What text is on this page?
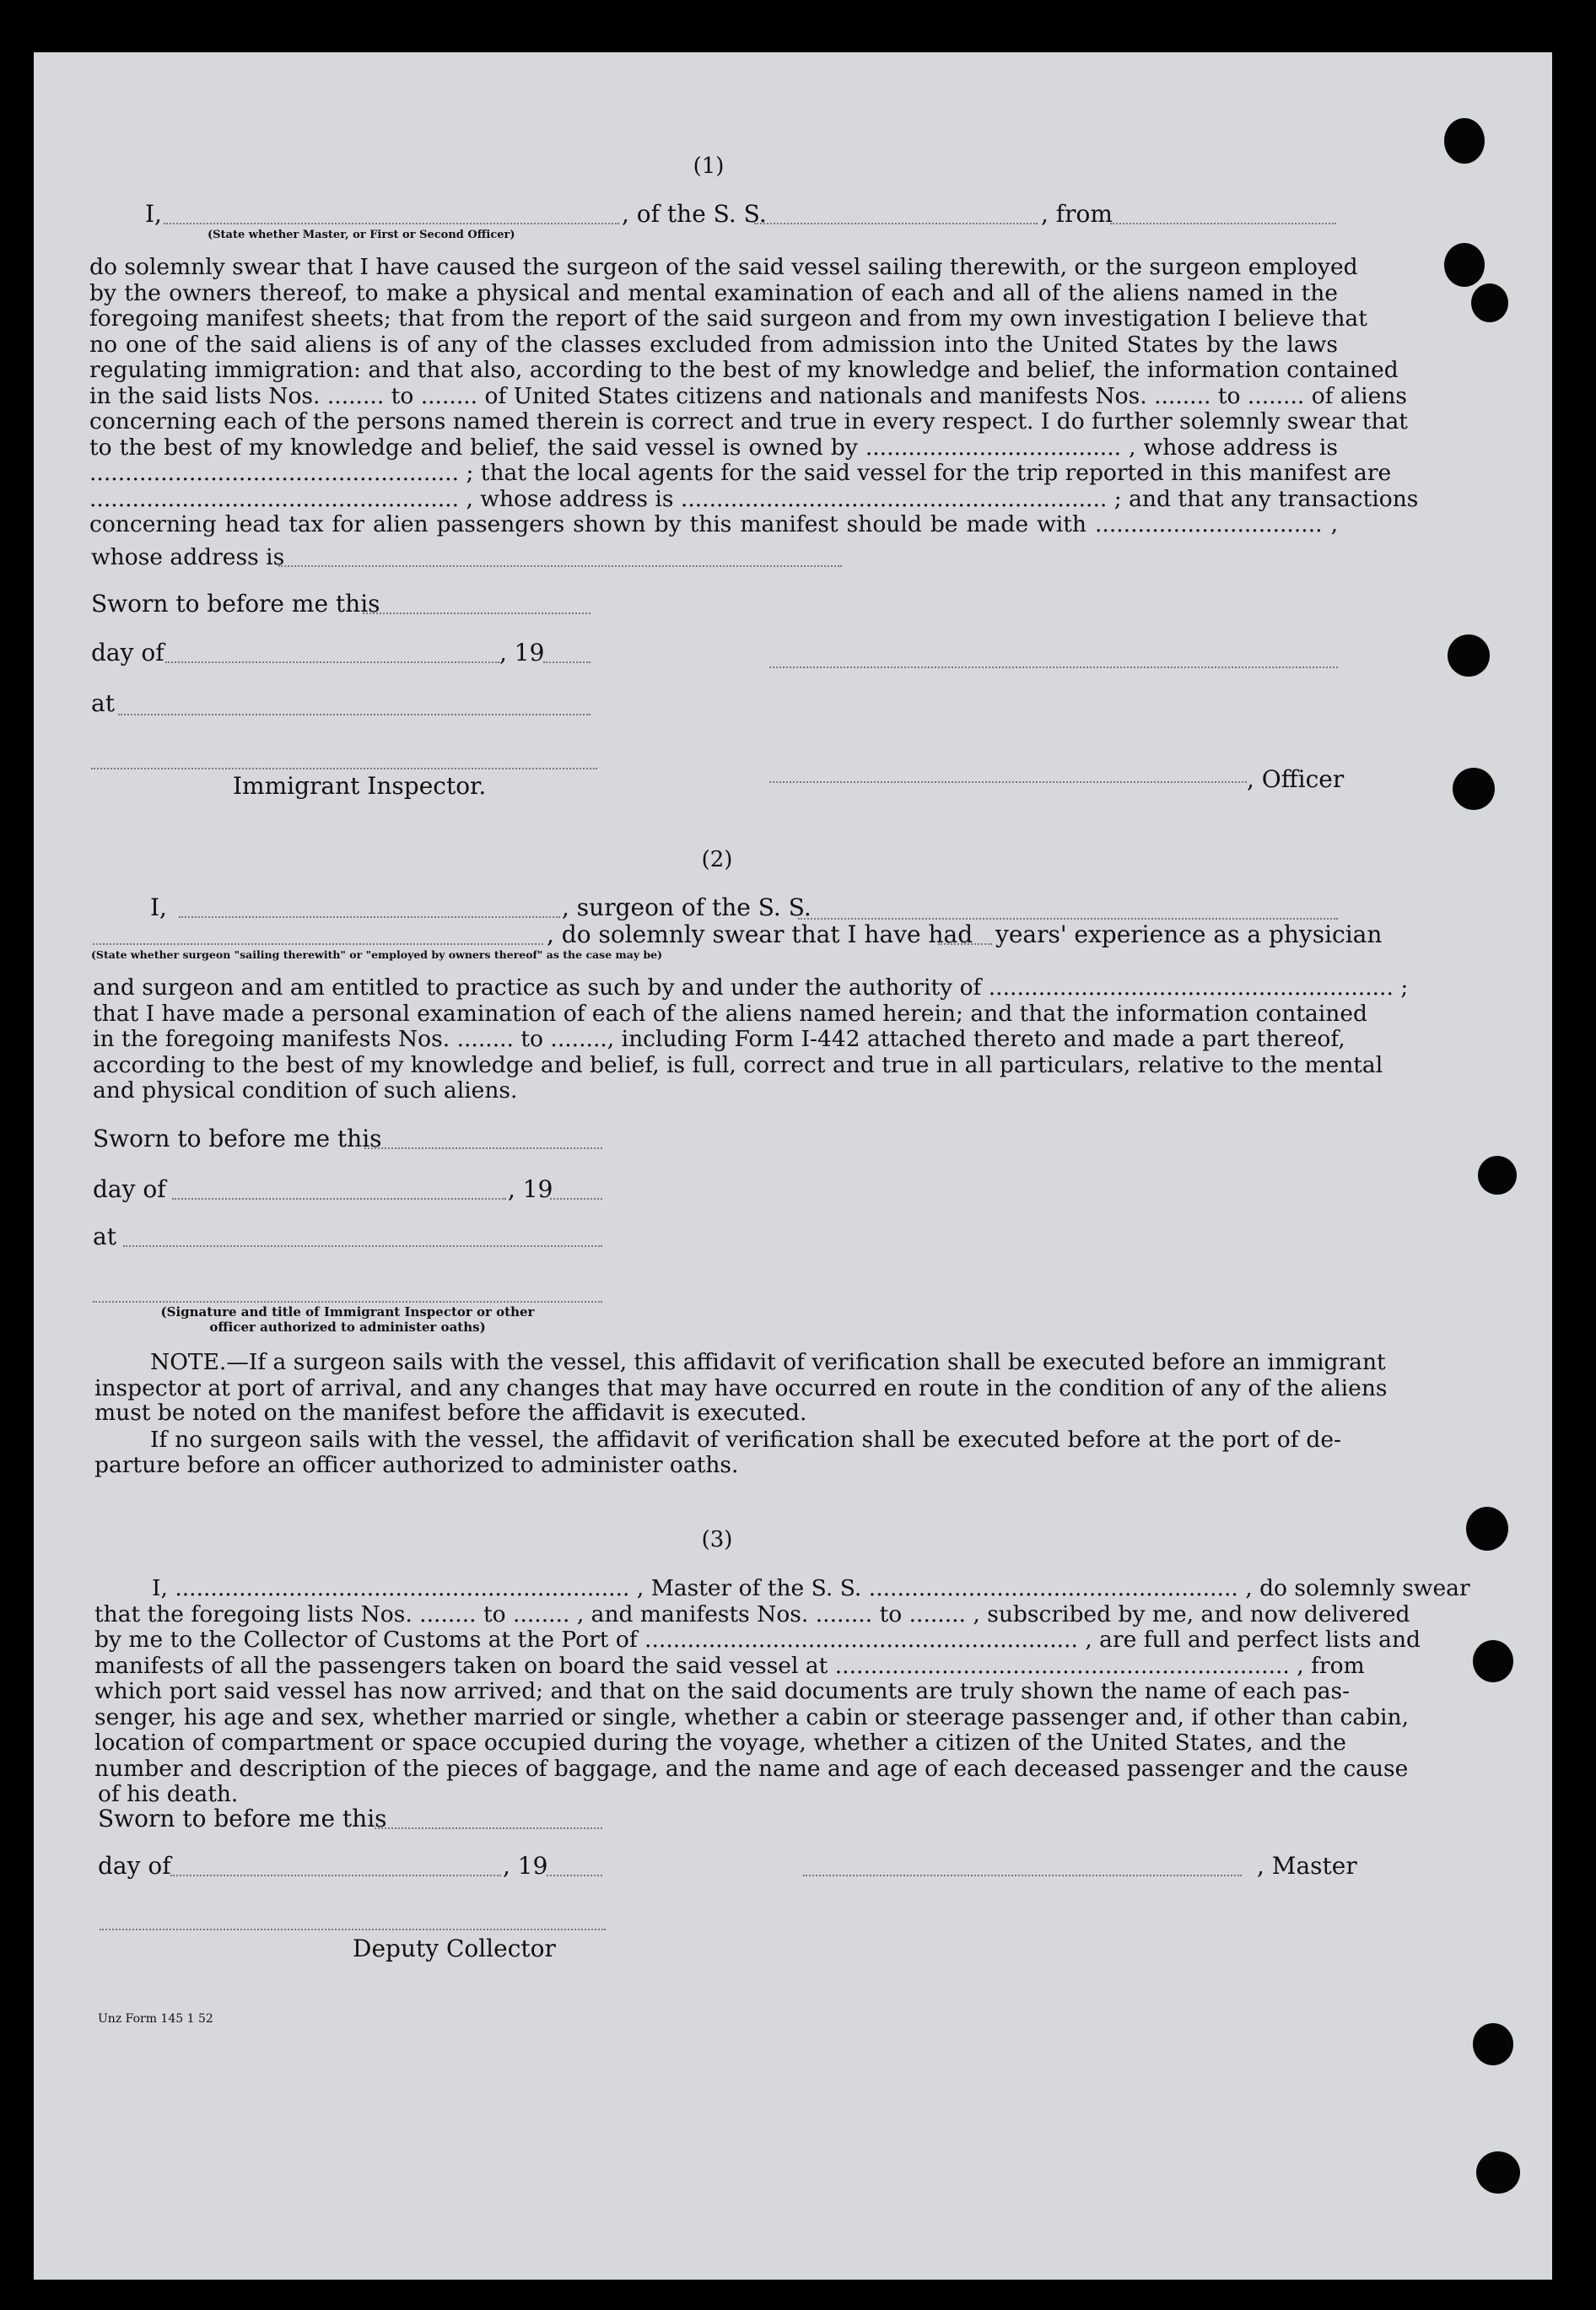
(1)
I,	, of the S. S.	, from
(State whether Master, or First or Second Officer)
do solemnly swear that I have caused the surgeon of the said vessel sailing therewith, or the surgeon employed
by the owners thereof, to make a physical and mental examination of each and all of the aliens named in the
foregoing manifest sheets; that from the report of the said surgeon and from my own investigation I believe that
no one of the said aliens is of any of the classes excluded from admission into the United States by the laws
regulating immigration: and that also, according to the best of my knowledge and belief, the information contained
in the said lists Nos. ........ to ........ of United States citizens and nationals and manifests Nos. ........ to ........ of aliens
concerning each of the persons named therein is correct and true in every respect. I do further solemnly swear that
to the best of my knowledge and belief, the said vessel is owned by .................................... , whose address is
.................................................... ; that the local agents for the said vessel for the trip reported in this manifest are
.................................................... , whose address is ............................................................ ; and that any transactions
concerning head tax for alien passengers shown by this manifest should be made with ................................ ,
whose address is
Sworn to before me this
day of	, 19
at
, Officer
Immigrant Inspector.
(2)
I,	, surgeon of the S. S.
, do solemnly swear that I have had years' experience as a physician
(State whether surgeon "sailing therewith" or "employed by owners thereof" as the case may be)
and surgeon and am entitled to practice as such by and under the authority of ......................................................... ;
that I have made a personal examination of each of the aliens named herein; and that the information contained
in the foregoing manifests Nos. ........ to ........, including Form I-442 attached thereto and made a part thereof,
according to the best of my knowledge and belief, is full, correct and true in all particulars, relative to the mental
and physical condition of such aliens.
Sworn to before me this
day of	, 19
at
(Signature and title of Immigrant Inspector or other
officer authorized to administer oaths)
NOTE.—If a surgeon sails with the vessel, this affidavit of verification shall be executed before an immigrant
inspector at port of arrival, and any changes that may have occurred en route in the condition of any of the aliens
must be noted on the manifest before the affidavit is executed.
If no surgeon sails with the vessel, the affidavit of verification shall be executed before at the port of de-
parture before an officer authorized to administer oaths.
(3)
I, ................................................................ , Master of the S. S. .................................................... , do solemnly swear
that the foregoing lists Nos. ........ to ........ , and manifests Nos. ........ to ........ , subscribed by me, and now delivered
by me to the Collector of Customs at the Port of ............................................................. , are full and perfect lists and
manifests of all the passengers taken on board the said vessel at ................................................................ , from
which port said vessel has now arrived; and that on the said documents are truly shown the name of each pas-
senger, his age and sex, whether married or single, whether a cabin or steerage passenger and, if other than cabin,
location of compartment or space occupied during the voyage, whether a citizen of the United States, and the
number and description of the pieces of baggage, and the name and age of each deceased passenger and the cause
of his death.
Sworn to before me this
day of	, 19	, Master
Deputy Collector
Unz Form 145 1 52
